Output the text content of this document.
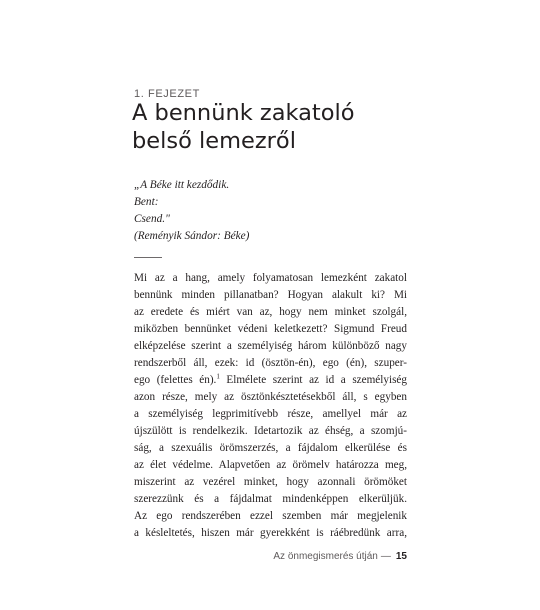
1. FEJEZET
A bennünk zakatoló
belső lemezről
„A Béke itt kezdődik.
Bent:
Csend."
(Reményik Sándor: Béke)
Mi az a hang, amely folyamatosan lemezként zakatol
bennünk minden pillanatban? Hogyan alakult ki? Mi
az eredete és miért van az, hogy nem minket szolgál,
miközben bennünket védeni keletkezett? Sigmund Freud
elképzelése szerint a személyiség három különböző nagy
rendszerből áll, ezek: id (ösztön-én), ego (én), szuper-
ego (felettes én).$^1$ Elmélete szerint az id a személyiség
azon része, mely az ösztönkésztetésekből áll, s egyben
a személyiség legprimitívebb része, amellyel már az
újszülött is rendelkezik. Idetartozik az éhség, a szomjú-
ság, a szexuális örömszerzés, a fájdalom elkerülése és
az élet védelme. Alapvetően az örömelv határozza meg,
miszerint az vezérel minket, hogy azonnali örömöket
szerezzünk és a fájdalmat mindenképpen elkerüljük.
Az ego rendszerében ezzel szemben már megjelenik
a késleltetés, hiszen már gyerekként is ráébredünk arra,
Az önmegismerés útján — 15
